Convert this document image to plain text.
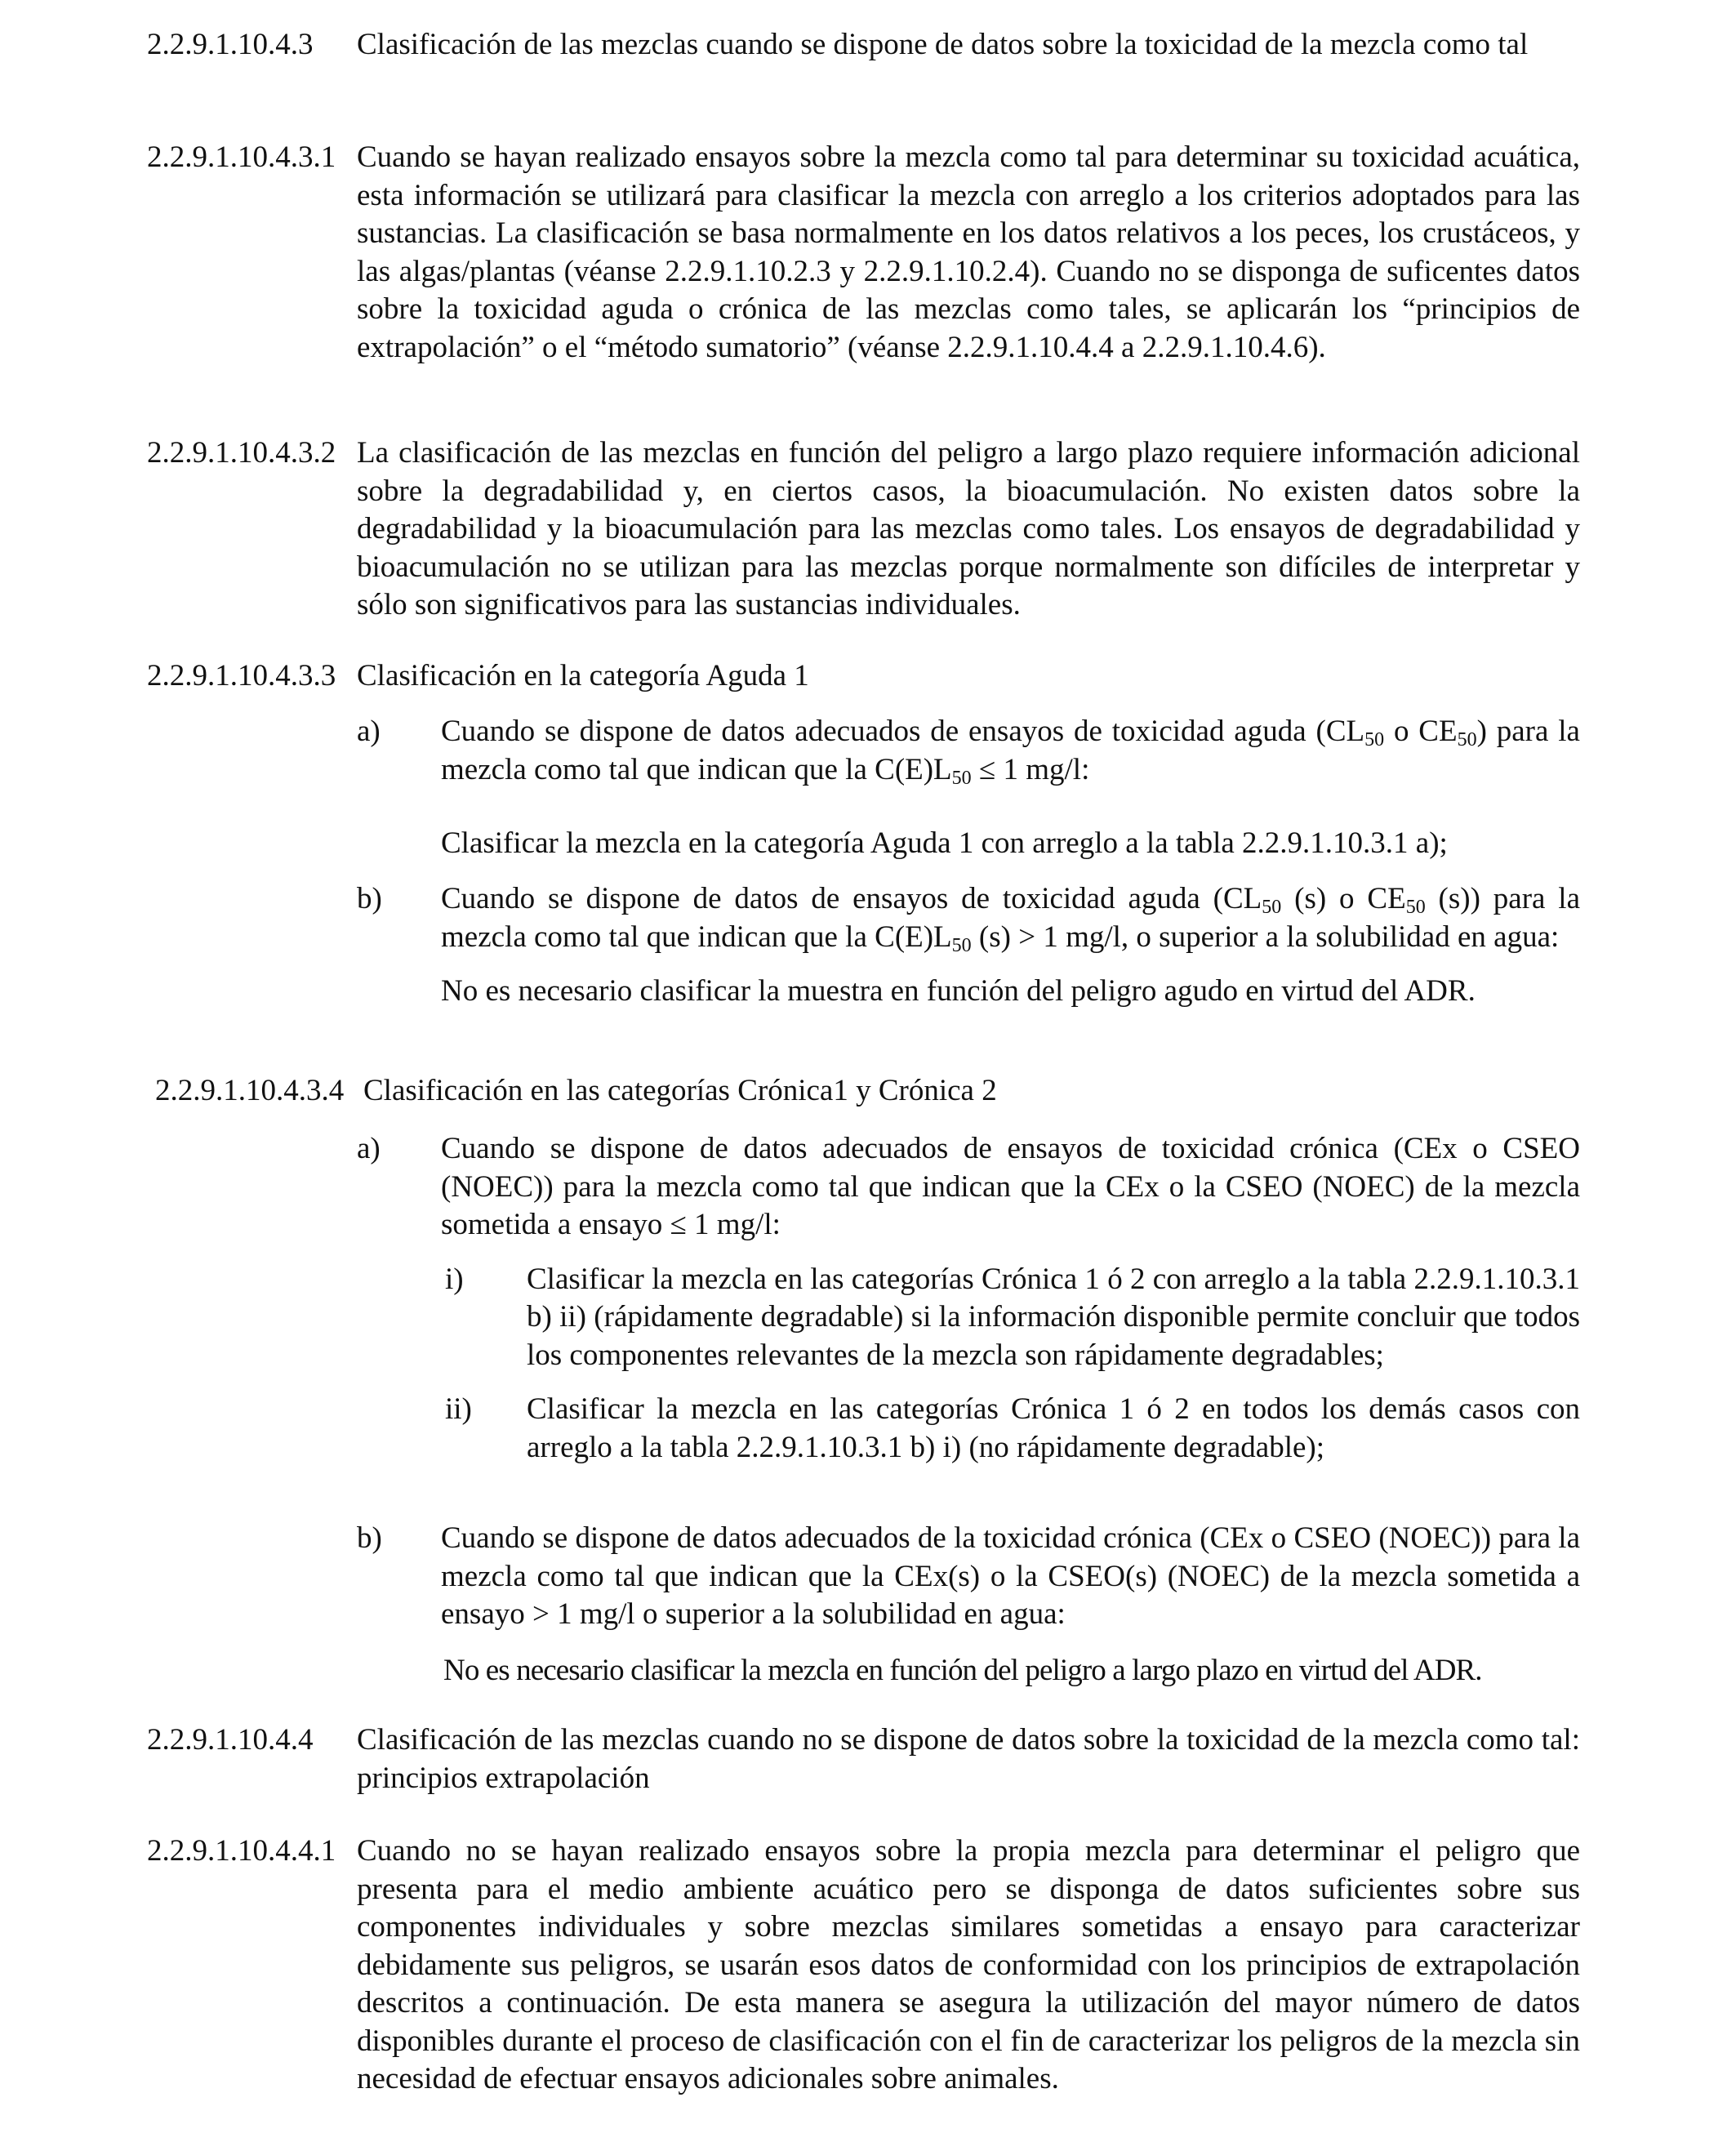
2.2.9.1.10.4.3 Clasificación de las mezclas cuando se dispone de datos sobre la toxicidad de la mezcla como tal
2.2.9.1.10.4.3.1 Cuando se hayan realizado ensayos sobre la mezcla como tal para determinar su toxicidad acuática, esta información se utilizará para clasificar la mezcla con arreglo a los criterios adoptados para las sustancias. La clasificación se basa normalmente en los datos relativos a los peces, los crustáceos, y las algas/plantas (véanse 2.2.9.1.10.2.3 y 2.2.9.1.10.2.4). Cuando no se disponga de suficentes datos sobre la toxicidad aguda o crónica de las mezclas como tales, se aplicarán los “principios de extrapolación” o el “método sumatorio” (véanse 2.2.9.1.10.4.4 a 2.2.9.1.10.4.6).
2.2.9.1.10.4.3.2 La clasificación de las mezclas en función del peligro a largo plazo requiere información adicional sobre la degradabilidad y, en ciertos casos, la bioacumulación. No existen datos sobre la degradabilidad y la bioacumulación para las mezclas como tales. Los ensayos de degradabilidad y bioacumulación no se utilizan para las mezclas porque normalmente son difíciles de interpretar y sólo son significativos para las sustancias individuales.
2.2.9.1.10.4.3.3 Clasificación en la categoría Aguda 1
a) Cuando se dispone de datos adecuados de ensayos de toxicidad aguda ($CL_{50}$ o $CE_{50}$) para la mezcla como tal que indican que la $C(E)L_{50} \le 1$ mg/l:
Clasificar la mezcla en la categoría Aguda 1 con arreglo a la tabla 2.2.9.1.10.3.1 a);
b) Cuando se dispone de datos de ensayos de toxicidad aguda ($CL_{50}$ (s) o $CE_{50}$ (s)) para la mezcla como tal que indican que la $C(E)L_{50}$ (s) > 1 mg/l, o superior a la solubilidad en agua:
No es necesario clasificar la muestra en función del peligro agudo en virtud del ADR.
2.2.9.1.10.4.3.4 Clasificación en las categorías Crónica1 y Crónica 2
a) Cuando se dispone de datos adecuados de ensayos de toxicidad crónica (CEx o CSEO (NOEC)) para la mezcla como tal que indican que la CEx o la CSEO (NOEC) de la mezcla sometida a ensayo ≤ 1 mg/l:
i) Clasificar la mezcla en las categorías Crónica 1 ó 2 con arreglo a la tabla 2.2.9.1.10.3.1 b) ii) (rápidamente degradable) si la información disponible permite concluir que todos los componentes relevantes de la mezcla son rápidamente degradables;
ii) Clasificar la mezcla en las categorías Crónica 1 ó 2 en todos los demás casos con arreglo a la tabla 2.2.9.1.10.3.1 b) i) (no rápidamente degradable);
b) Cuando se dispone de datos adecuados de la toxicidad crónica (CEx o CSEO (NOEC)) para la mezcla como tal que indican que la CEx(s) o la CSEO(s) (NOEC) de la mezcla sometida a ensayo > 1 mg/l o superior a la solubilidad en agua:
No es necesario clasificar la mezcla en función del peligro a largo plazo en virtud del ADR.
2.2.9.1.10.4.4 Clasificación de las mezclas cuando no se dispone de datos sobre la toxicidad de la mezcla como tal: principios extrapolación
2.2.9.1.10.4.4.1 Cuando no se hayan realizado ensayos sobre la propia mezcla para determinar el peligro que presenta para el medio ambiente acuático pero se disponga de datos suficientes sobre sus componentes individuales y sobre mezclas similares sometidas a ensayo para caracterizar debidamente sus peligros, se usarán esos datos de conformidad con los principios de extrapolación descritos a continuación. De esta manera se asegura la utilización del mayor número de datos disponibles durante el proceso de clasificación con el fin de caracterizar los peligros de la mezcla sin necesidad de efectuar ensayos adicionales sobre animales.
